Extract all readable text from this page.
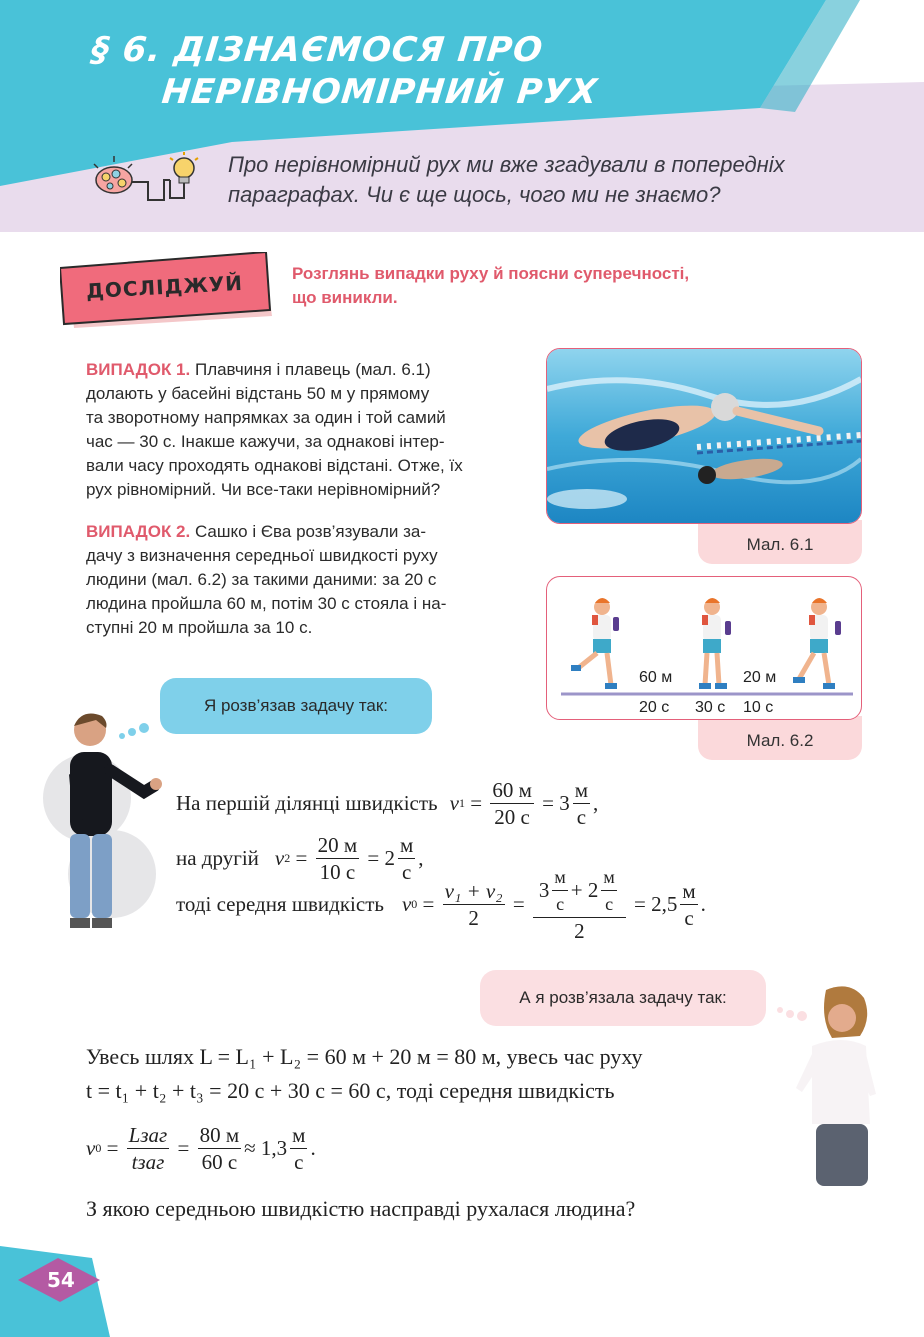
§ 6. ДІЗНАЄМОСЯ ПРО
НЕРІВНОМІРНИЙ РУХ
Про нерівномірний рух ми вже згадували в попередніх
параграфах. Чи є ще щось, чого ми не знаємо?
ДОСЛІДЖУЙ	Розглянь випадки руху й поясни суперечності,
що виникли.
ВИПАДОК 1. Плавчиня і плавець (мал. 6.1)
долають у басейні відстань 50 м у прямому
та зворотному напрямках за один і той самий
час — 30 с. Інакше кажучи, за однакові інтер-
вали часу проходять однакові відстані. Отже, їх
рух рівномірний. Чи все-таки нерівномірний?
ВИПАДОК 2. Сашко і Єва розв’язували за-
дачу з визначення середньої швидкості руху
людини (мал. 6.2) за такими даними: за 20 с
людина пройшла 60 м, потім 30 с стояла і на-
ступні 20 м пройшла за 10 с.
Мал. 6.1
Мал. 6.2
60 м	20 м
20 с 30 с 10 с
Я розв’язав задачу так:
На першій ділянці швидкість v $1 = \frac{60 м}{20 с} = 3 \frac{м}{с}$ ,
на другій v $2 = \frac{20 м}{10 с} = 2 \frac{м}{с}$ ,
тоді середня швидкість v $0 = \frac{\text{v₁ + v₂}}{2} = \frac{3 \frac{м}{с} + 2 \frac{м}{с}}{2} = 2,5 \frac{м}{с}$ .
А я розв’язала задачу так:
Увесь шлях L = L₁ + L₂ = 60 м + 20 м = 80 м, увесь час руху
t = t₁ + t₂ + t₃ = 20 с + 30 с = 60 с, тоді середня швидкість
v $0 = \frac{\text{Lзаг}}{\text{tзаг}} = \frac{80 м}{60 с} \approx 1,3 \frac{м}{с}$ .
З якою середньою швидкістю насправді рухалася людина?
54
